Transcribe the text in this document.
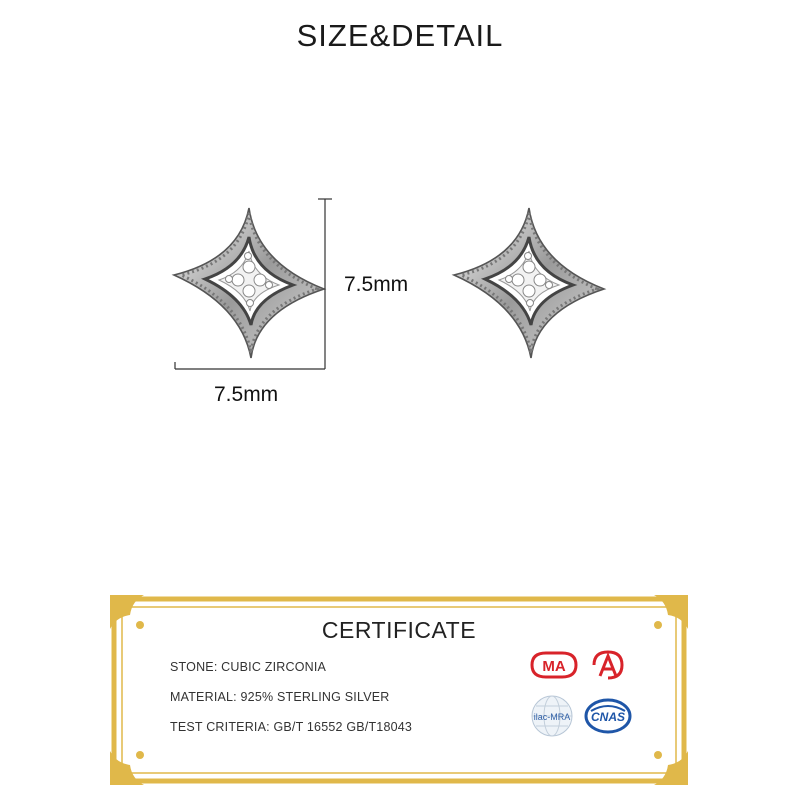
SIZE&DETAIL
7.5mm
7.5mm
CERTIFICATE
STONE: CUBIC ZIRCONIA
MATERIAL: 925% STERLING SILVER
TEST CRITERIA: GB/T 16552 GB/T18043
MA
ilac-MRA CNAS
